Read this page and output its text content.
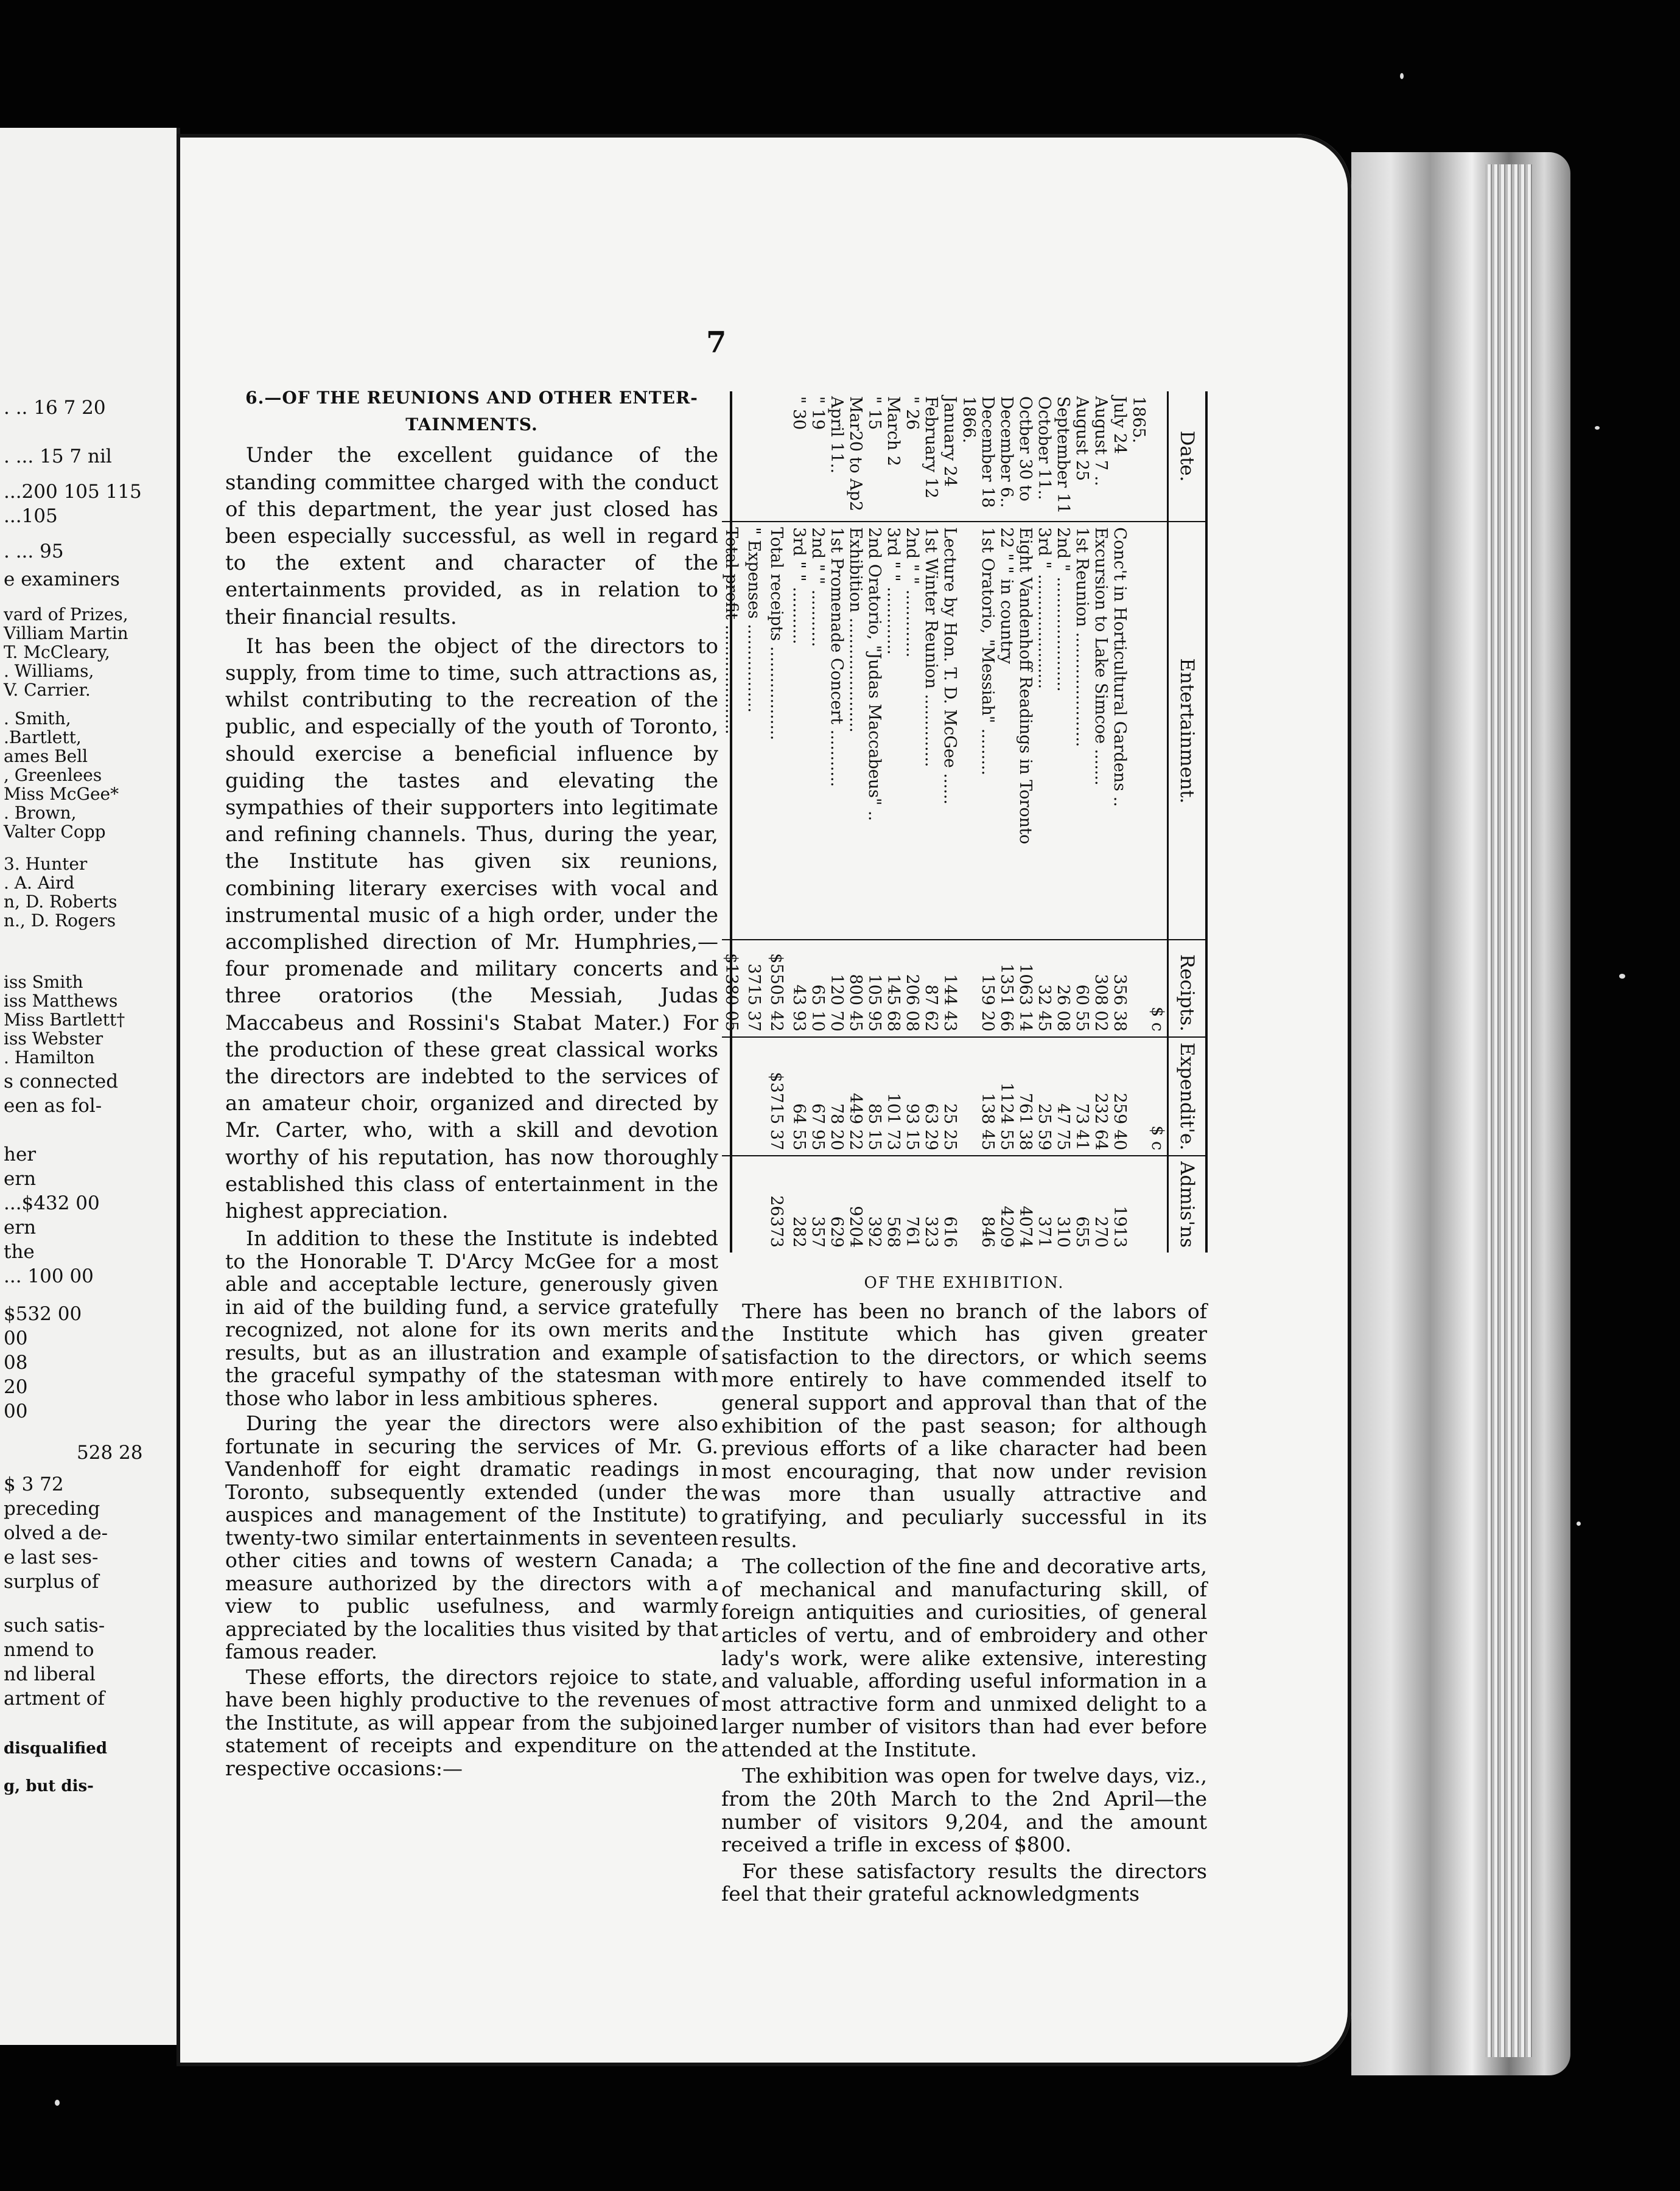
. .. 16 7 20
. ... 15 7 nil
...200 105 115
...105
. ... 95
e examiners
vard of Prizes,
Villiam Martin
T. McCleary,
. Williams,
V. Carrier.
. Smith,
.Bartlett,
ames Bell
, Greenlees
Miss McGee*
. Brown,
Valter Copp
3. Hunter
. A. Aird
n, D. Roberts
n., D. Rogers
iss Smith
iss Matthews
Miss Bartlett†
iss Webster
. Hamilton
s connected
een as fol-
her
ern
...$432 00
ern
the
... 100 00
$532 00
00
08
20
00
528 28
$ 3 72
preceding
olved a de-
e last ses-
surplus of
such satis-
nmend to
nd liberal
artment of
disqualified
g, but dis-
7
6.—OF THE REUNIONS AND OTHER ENTER-TAINMENTS.

Under the excellent guidance of the standing committee charged with the conduct of this department, the year just closed has been especially successful, as well in regard to the extent and character of the entertainments provided, as in relation to their financial results.

It has been the object of the directors to supply, from time to time, such attractions as, whilst contributing to the recreation of the public, and especially of the youth of Toronto, should exercise a beneficial influence by guiding the tastes and elevating the sympathies of their supporters into legitimate and refining channels. Thus, during the year, the Institute has given six reunions, combining literary exercises with vocal and instrumental music of a high order, under the accomplished direction of Mr. Humphries,—four promenade and military concerts and three oratorios (the Messiah, Judas Maccabeus and Rossini's Stabat Mater.) For the production of these great classical works the directors are indebted to the services of an amateur choir, organized and directed by Mr. Carter, who, with a skill and devotion worthy of his reputation, has now thoroughly established this class of entertainment in the highest appreciation.

In addition to these the Institute is indebted to the Honorable T. D'Arcy McGee for a most able and acceptable lecture, generously given in aid of the building fund, a service gratefully recognized, not alone for its own merits and results, but as an illustration and example of the graceful sympathy of the statesman with those who labor in less ambitious spheres.

During the year the directors were also fortunate in securing the services of Mr. G. Vandenhoff for eight dramatic readings in Toronto, subsequently extended (under the auspices and management of the Institute) to twenty-two similar entertainments in seventeen other cities and towns of western Canada; a measure authorized by the directors with a view to public usefulness, and warmly appreciated by the localities thus visited by that famous reader.

These efforts, the directors rejoice to state, have been highly productive to the revenues of the Institute, as will appear from the subjoined statement of receipts and expenditure on the respective occasions:—

Date.	Entertainment.	Recipts.	Expendit'e.	Admis'ns
		$ c	$ c	
1865.				
July 24	Conc't in Horticultural Gardens ..	356 38	259 40	1913
August 7 ..	Excursion to Lake Simcoe .......	308 02	232 64	270
August 25	1st Reunion ......................	60 55	73 41	655
September 11	2nd " ......................	26 08	47 75	310
October 11..	3rd " ......................	32 45	25 59	371
Octber 30 to	Eight Vandenhoff Readings in Toronto	1063 14	761 38	4074
December 6..	22 " " in country	1351 66	1124 55	4209
December 18	1st Oratorio, "Messiah" .........	159 20	138 45	846
1866.				
January 24	Lecture by Hon. T. D. McGee ......	144 43	25 25	616
February 12	1st Winter Reunion ..............	87 62	63 29	323
" 26	2nd " " .............	206 08	93 15	761
March 2	3rd " " .............	145 68	101 73	568
" 15	2nd Oratorio, "Judas Maccabeus" ..	105 95	85 15	392
Mar20 to Ap2	Exhibition ......................	800 45	449 22	9204
April 11..	1st Promenade Concert ...........	120 70	78 20	629
" 19	2nd " " ...........	65 10	67 95	357
" 30	3rd " " ...........	43 93	64 55	282
	Total receipts ..................	$5505 42	$3715 37	26373
	" Expenses .................	3715 37		
	Total profit .....................	$1380 05		
OF THE EXHIBITION.

There has been no branch of the labors of the Institute which has given greater satisfaction to the directors, or which seems more entirely to have commended itself to general support and approval than that of the exhibition of the past season; for although previous efforts of a like character had been most encouraging, that now under revision was more than usually attractive and gratifying, and peculiarly successful in its results.

The collection of the fine and decorative arts, of mechanical and manufacturing skill, of foreign antiquities and curiosities, of general articles of vertu, and of embroidery and other lady's work, were alike extensive, interesting and valuable, affording useful information in a most attractive form and unmixed delight to a larger number of visitors than had ever before attended at the Institute.

The exhibition was open for twelve days, viz., from the 20th March to the 2nd April—the number of visitors 9,204, and the amount received a trifle in excess of $800.

For these satisfactory results the directors feel that their grateful acknowledgments
